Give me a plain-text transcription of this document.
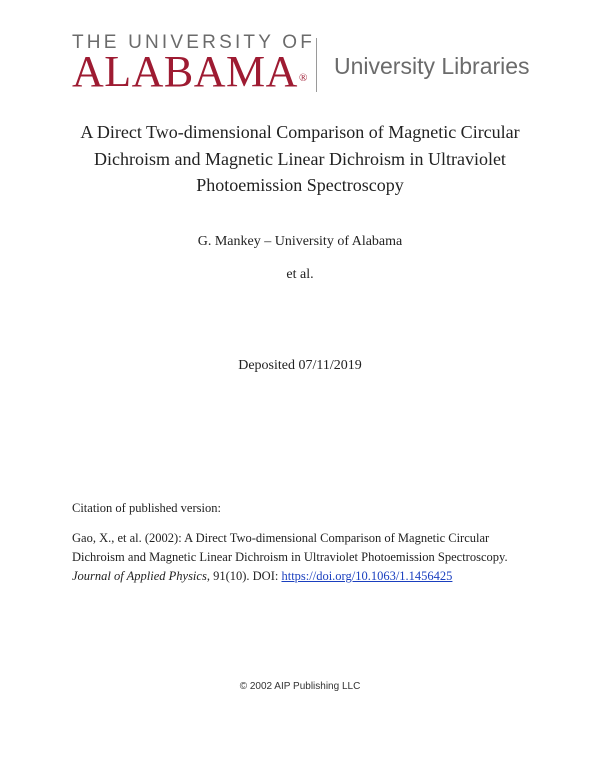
THE UNIVERSITY OF
ALABAMA® University Libraries
A Direct Two-dimensional Comparison of Magnetic Circular
Dichroism and Magnetic Linear Dichroism in Ultraviolet
Photoemission Spectroscopy
G. Mankey – University of Alabama
et al.
Deposited 07/11/2019
Citation of published version:
Gao, X., et al. (2002): A Direct Two-dimensional Comparison of Magnetic Circular
Dichroism and Magnetic Linear Dichroism in Ultraviolet Photoemission Spectroscopy.
Journal of Applied Physics, 91(10). DOI: https://doi.org/10.1063/1.1456425
© 2002 AIP Publishing LLC
